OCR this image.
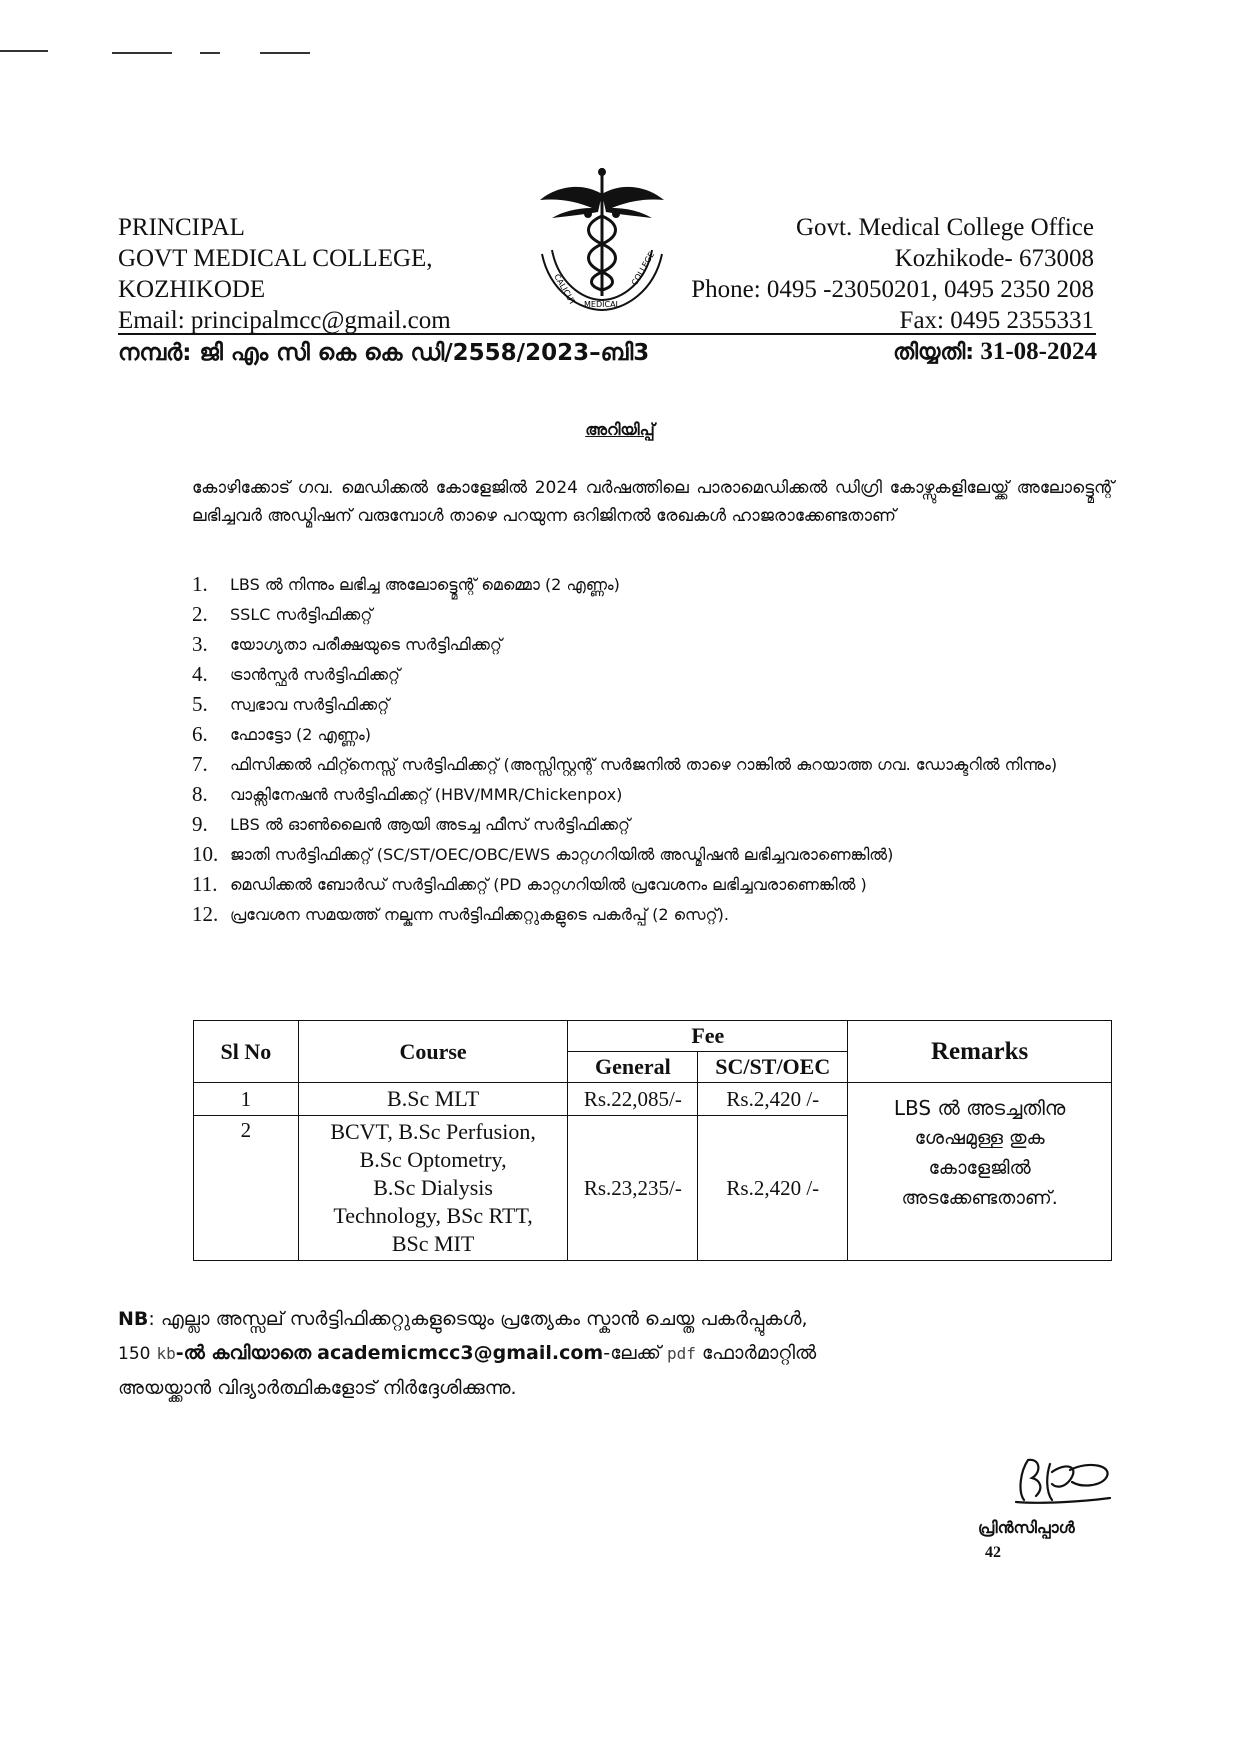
PRINCIPAL
GOVT MEDICAL COLLEGE,
KOZHIKODE
Email: principalmcc@gmail.com
CALICUT MEDICAL
COLLEGE
Govt. Medical College Office
Kozhikode- 673008
Phone: 0495 -23050201, 0495 2350 208
Fax: 0495 2355331
നമ്പർ: ജി എം സി കെ കെ ഡി/2558/2023–ബി3	തിയ്യതി: 31-08-2024
അറിയിപ്പ്
കോഴിക്കോട് ഗവ. മെഡിക്കൽ കോളേജിൽ 2024 വർഷത്തിലെ പാരാമെഡിക്കൽ ഡിഗ്രി കോഴ്സുകളിലേയ്ക്ക് അലോട്ട്മെന്റ് ലഭിച്ചവർ അഡ്മിഷന് വരുമ്പോൾ താഴെ പറയുന്ന ഒറിജിനൽ രേഖകൾ ഹാജരാക്കേണ്ടതാണ്
1.	LBS ൽ നിന്നും ലഭിച്ച അലോട്ട്മെന്റ് മെമ്മൊ (2 എണ്ണം)
2.	SSLC സർട്ടിഫിക്കറ്റ്
3.	യോഗ്യതാ പരീക്ഷയുടെ സർട്ടിഫിക്കറ്റ്
4.	ട്രാൻസ്ഫർ സർട്ടിഫിക്കറ്റ്
5.	സ്വഭാവ സർട്ടിഫിക്കറ്റ്
6.	ഫോട്ടോ (2 എണ്ണം)
7.	ഫിസിക്കൽ ഫിറ്റ്നെസ്സ് സർട്ടിഫിക്കറ്റ് (അസ്സിസ്റ്റന്റ് സർജനിൽ താഴെ റാങ്കിൽ കുറയാത്ത ഗവ. ഡോക്ടറിൽ നിന്നും)
8.	വാക്സിനേഷൻ സർട്ടിഫിക്കറ്റ് (HBV/MMR/Chickenpox)
9.	LBS ൽ ഓൺലൈൻ ആയി അടച്ച ഫീസ് സർട്ടിഫിക്കറ്റ്
10. ജാതി സർട്ടിഫിക്കറ്റ് (SC/ST/OEC/OBC/EWS കാറ്റഗറിയിൽ അഡ്മിഷൻ ലഭിച്ചവരാണെങ്കിൽ)
11. മെഡിക്കൽ ബോർഡ് സർട്ടിഫിക്കറ്റ് (PD കാറ്റഗറിയിൽ പ്രവേശനം ലഭിച്ചവരാണെങ്കിൽ )
12. പ്രവേശന സമയത്ത് നല്കുന്ന സർട്ടിഫിക്കറ്റുകളുടെ പകർപ്പ് (2 സെറ്റ്).
Sl No	Course	Fee		Remarks
		General	SC/ST/OEC	
1	B.Sc MLT	Rs.22,085/-	Rs.2,420 /-	LBS ൽ അടച്ചതിനു
ശേഷമുള്ള തുക
കോളേജിൽ
അടക്കേണ്ടതാണ്.

2	BCVT, B.Sc Perfusion,
B.Sc Optometry,
B.Sc Dialysis
Technology, BSc RTT,
BSc MIT	Rs.23,235/-	Rs.2,420 /-	
NB: എല്ലാ അസ്സല് സർട്ടിഫിക്കറ്റുകളുടെയും പ്രത്യേകം സ്കാൻ ചെയ്ത പകർപ്പുകൾ,
150 kb-ൽ കവിയാതെ academicmcc3@gmail.com-ലേക്ക് pdf ഫോർമാറ്റിൽ
അയയ്ക്കാൻ വിദ്യാർത്ഥികളോട് നിർദ്ദേശിക്കുന്നു.
പ്രിൻസിപ്പാൾ
42
